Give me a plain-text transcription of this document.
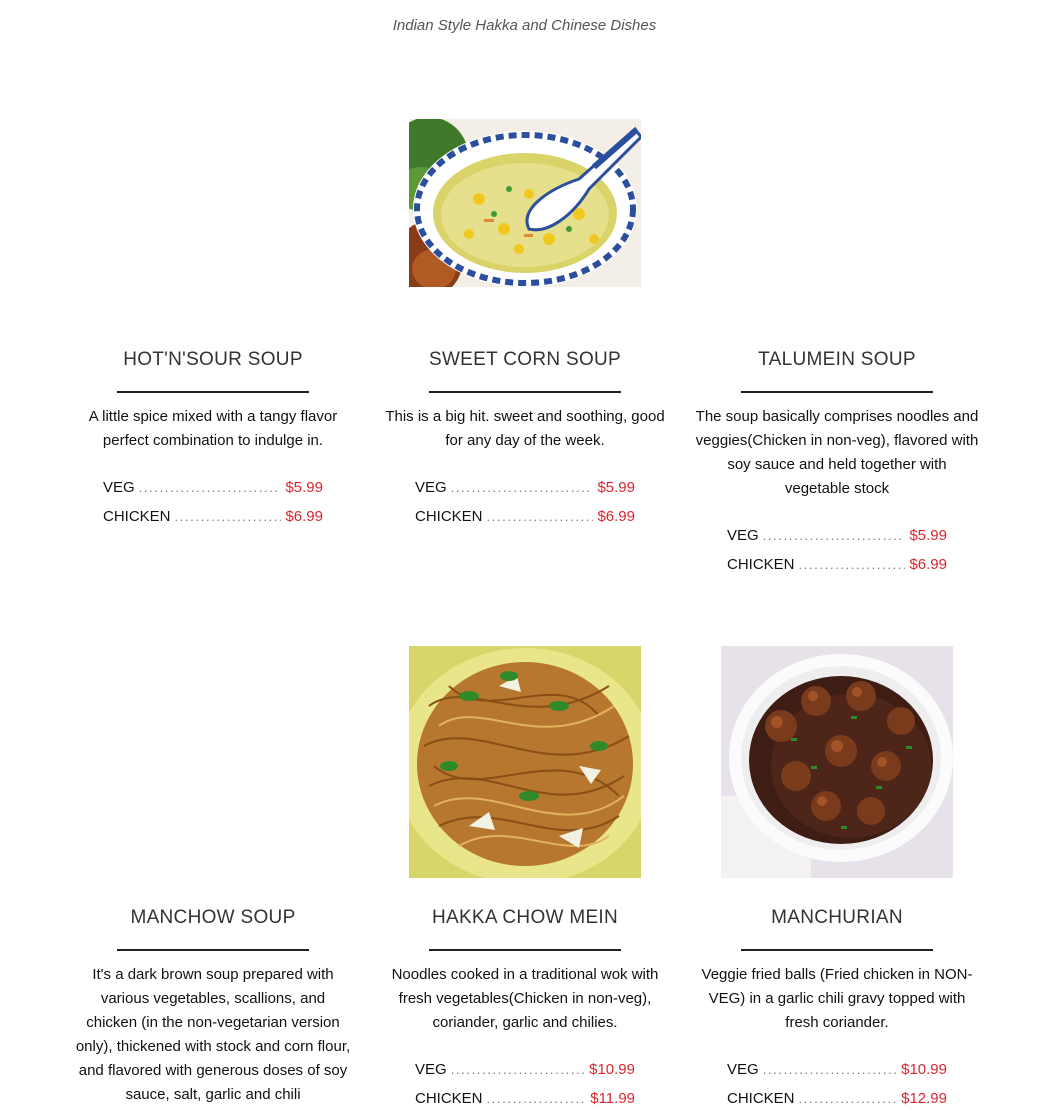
Indian Style Hakka and Chinese Dishes
HOT'N'SOUR SOUP
A little spice mixed with a tangy flavor perfect combination to indulge in.
VEG . . .	$5.99
CHICKEN . . .	$6.99
SWEET CORN SOUP
This is a big hit. sweet and soothing, good for any day of the week.
VEG . . .	$5.99
CHICKEN . . .	$6.99
TALUMEIN SOUP
The soup basically comprises noodles and veggies(Chicken in non-veg), flavored with soy sauce and held together with vegetable stock
VEG . . .	$5.99
CHICKEN . . .	$6.99
MANCHOW SOUP
It's a dark brown soup prepared with various vegetables, scallions, and chicken (in the non-vegetarian version only), thickened with stock and corn flour, and flavored with generous doses of soy sauce, salt, garlic and chili
HAKKA CHOW MEIN
Noodles cooked in a traditional wok with fresh vegetables(Chicken in non-veg), coriander, garlic and chilies.
VEG . . .	$10.99
CHICKEN . . .	$11.99
MANCHURIAN
Veggie fried balls (Fried chicken in NON-VEG) in a garlic chili gravy topped with fresh coriander.
VEG . . .	$10.99
CHICKEN . . .	$12.99
